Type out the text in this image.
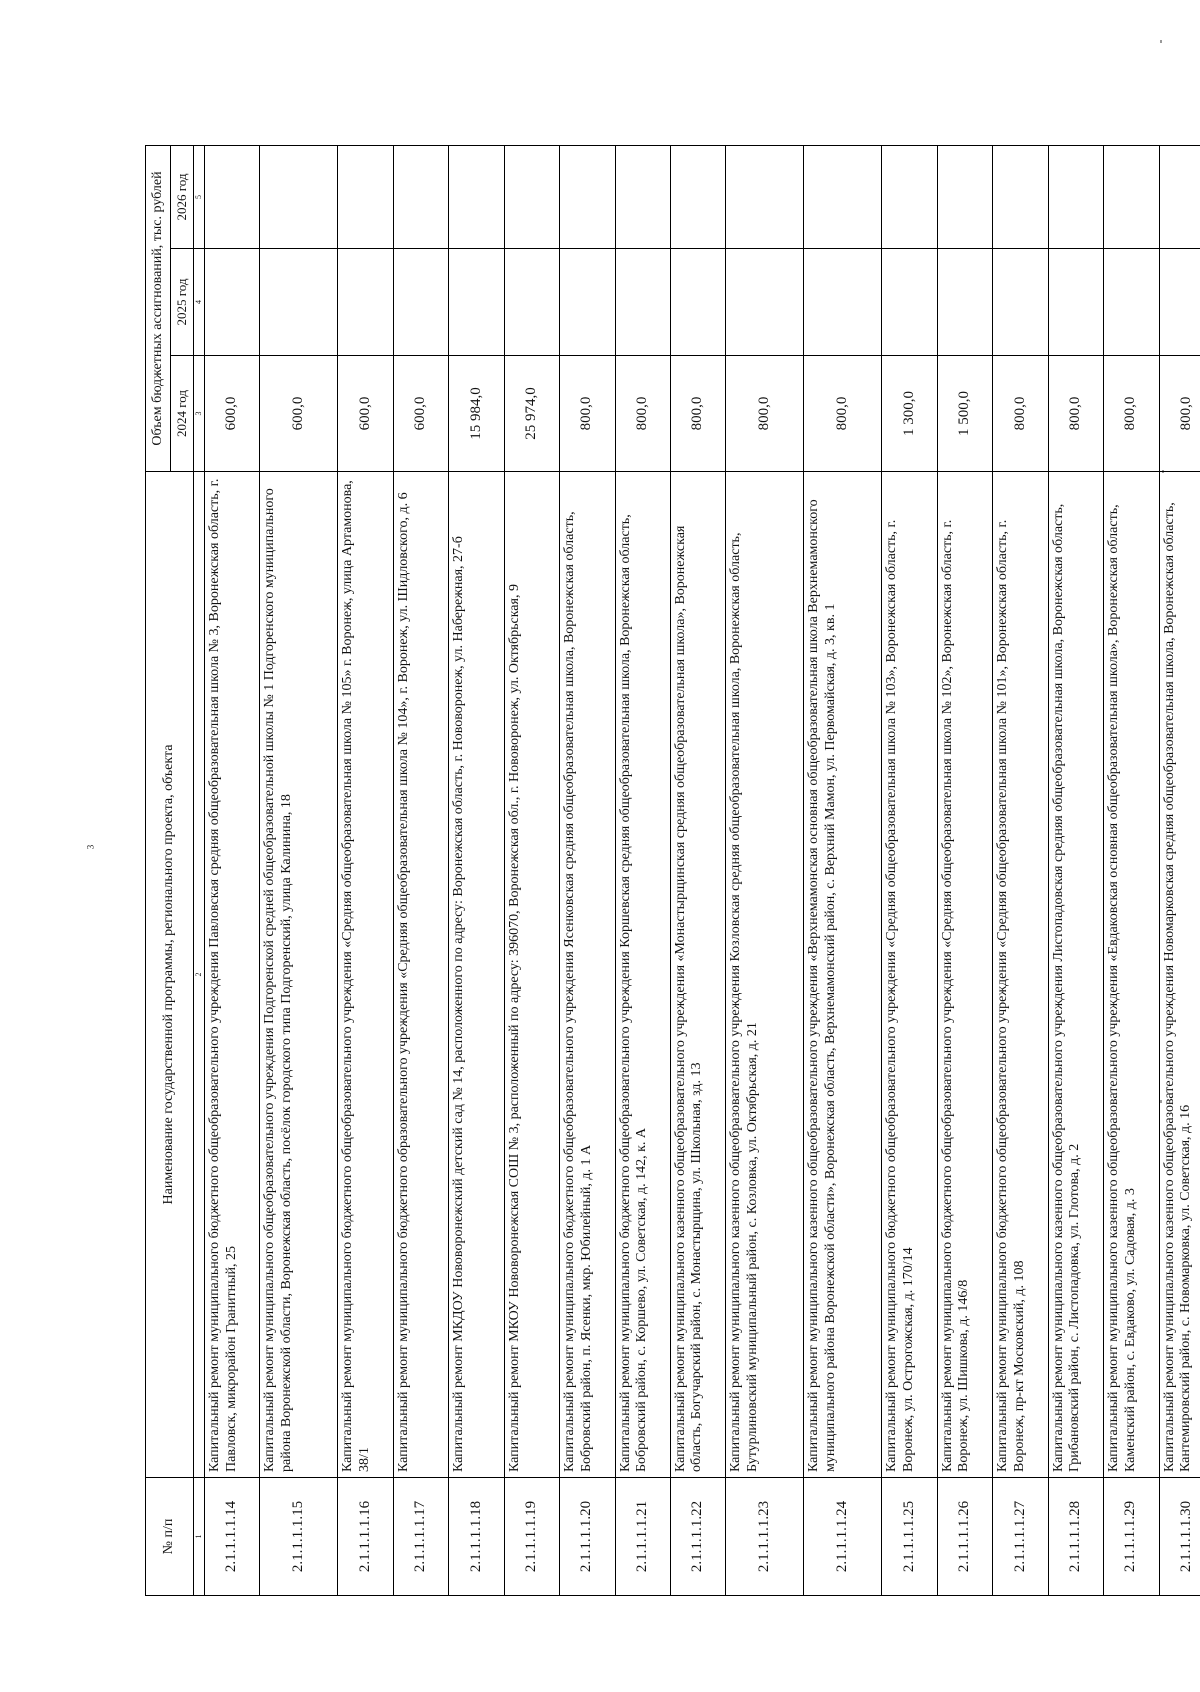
3
№ п/п	Наименование государственной программы, регионального проекта, объекта	Объем бюджетных ассигнований, тыс. рублей		
		2024 год	2025 год	2026 год
1	2	3	4	5
2.1.1.1.1.14	Капитальный ремонт муниципального бюджетного общеобразовательного учреждения Павловская средняя общеобразовательная школа № 3, Воронежская область, г. Павловск, микрорайон Гранитный, 25	600,0		
2.1.1.1.1.15	Капитальный ремонт муниципального общеобразовательного учреждения Подгоренской средней общеобразовательной школы № 1 Подгоренского муниципального района Воронежской области, Воронежская область, посёлок городского типа Подгоренский, улица Калинина, 18	600,0		
2.1.1.1.1.16	Капитальный ремонт муниципального бюджетного общеобразовательного учреждения «Средняя общеобразовательная школа № 105» г. Воронеж, улица Артамонова, 38/1	600,0		
2.1.1.1.1.17	Капитальный ремонт муниципального бюджетного образовательного учреждения «Средняя общеобразовательная школа № 104», г. Воронеж, ул. Шидловского, д. 6	600,0		
2.1.1.1.1.18	Капитальный ремонт МКДОУ Нововоронежский детский сад № 14, расположенного по адресу: Воронежская область, г. Нововоронеж, ул. Набережная, 27-б	15 984,0		
2.1.1.1.1.19	Капитальный ремонт МКОУ Нововоронежская СОШ № 3, расположенный по адресу: 396070, Воронежская обл., г. Нововоронеж, ул. Октябрьская, 9	25 974,0		
2.1.1.1.1.20	Капитальный ремонт муниципального бюджетного общеобразовательного учреждения Ясенковская средняя общеобразовательная школа, Воронежская область, Бобровский район, п. Ясенки, мкр. Юбилейный, д. 1 А	800,0		
2.1.1.1.1.21	Капитальный ремонт муниципального бюджетного общеобразовательного учреждения Коршевская средняя общеобразовательная школа, Воронежская область, Бобровский район, с. Коршево, ул. Советская, д. 142, к. А	800,0		
2.1.1.1.1.22	Капитальный ремонт муниципального казенного общеобразовательного учреждения «Монастырщинская средняя общеобразовательная школа», Воронежская область, Богучарский район, с. Монастырщина, ул. Школьная, зд. 13	800,0		
2.1.1.1.1.23	Капитальный ремонт муниципального казенного общеобразовательного учреждения Козловская средняя общеобразовательная школа, Воронежская область, Бутурлиновский муниципальный район, с. Козловка, ул. Октябрьская, д. 21	800,0		
2.1.1.1.1.24	Капитальный ремонт муниципального казенного общеобразовательного учреждения «Верхнемамонская основная общеобразовательная школа Верхнемамонского муниципального района Воронежской области», Воронежская область, Верхнемамонский район, с. Верхний Мамон, ул. Первомайская, д. 3, кв. 1	800,0		
2.1.1.1.1.25	Капитальный ремонт муниципального бюджетного общеобразовательного учреждения «Средняя общеобразовательная школа № 103», Воронежская область, г. Воронеж, ул. Острогожская, д. 170/14	1 300,0		
2.1.1.1.1.26	Капитальный ремонт муниципального бюджетного общеобразовательного учреждения «Средняя общеобразовательная школа № 102», Воронежская область, г. Воронеж, ул. Шишкова, д. 146/8	1 500,0		
2.1.1.1.1.27	Капитальный ремонт муниципального бюджетного общеобразовательного учреждения «Средняя общеобразовательная школа № 101», Воронежская область, г. Воронеж, пр-кт Московский, д. 108	800,0		
2.1.1.1.1.28	Капитальный ремонт муниципального казенного общеобразовательного учреждения Листопадовская средняя общеобразовательная школа, Воронежская область, Грибановский район, с. Листопадовка, ул. Глотова, д. 2	800,0		
2.1.1.1.1.29	Капитальный ремонт муниципального казенного общеобразовательного учреждения «Евдаковская основная общеобразовательная школа», Воронежская область, Каменский район, с. Евдаково, ул. Садовая, д. 3	800,0		
2.1.1.1.1.30	Капитальный ремонт муниципального казенного общеобразовательного учреждения Новомарковская средняя общеобразовательная школа, Воронежская область, Кантемировский район, с. Новомарковка, ул. Советская, д. 16	800,0		
